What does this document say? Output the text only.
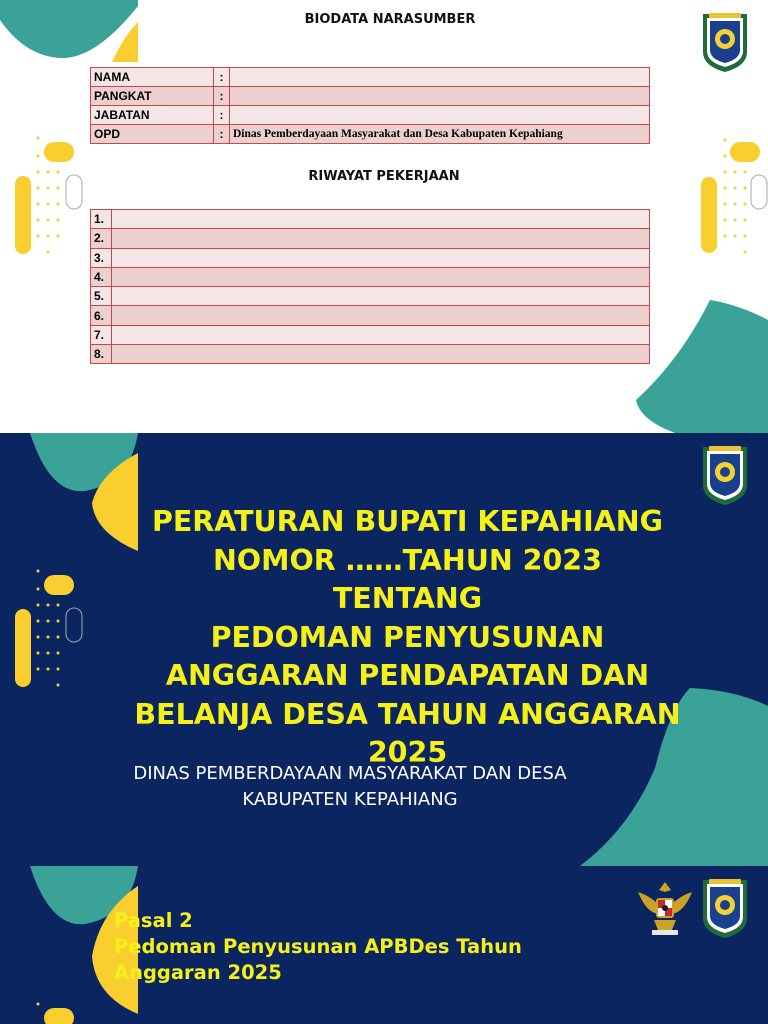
BIODATA NARASUMBER
NAMA	:	
PANGKAT	:	
JABATAN	:	
OPD	:	Dinas Pemberdayaan Masyarakat dan Desa Kabupaten Kepahiang
RIWAYAT PEKERJAAN
1.	
2.	
3.	
4.	
5.	
6.	
7.	
8.	
PERATURAN BUPATI KEPAHIANG
NOMOR ……TAHUN 2023
TENTANG
PEDOMAN PENYUSUNAN
ANGGARAN PENDAPATAN DAN
BELANJA DESA TAHUN ANGGARAN
2025
DINAS PEMBERDAYAAN MASYARAKAT DAN DESA
KABUPATEN KEPAHIANG
Pasal 2
Pedoman Penyusunan APBDes Tahun
Anggaran 2025
